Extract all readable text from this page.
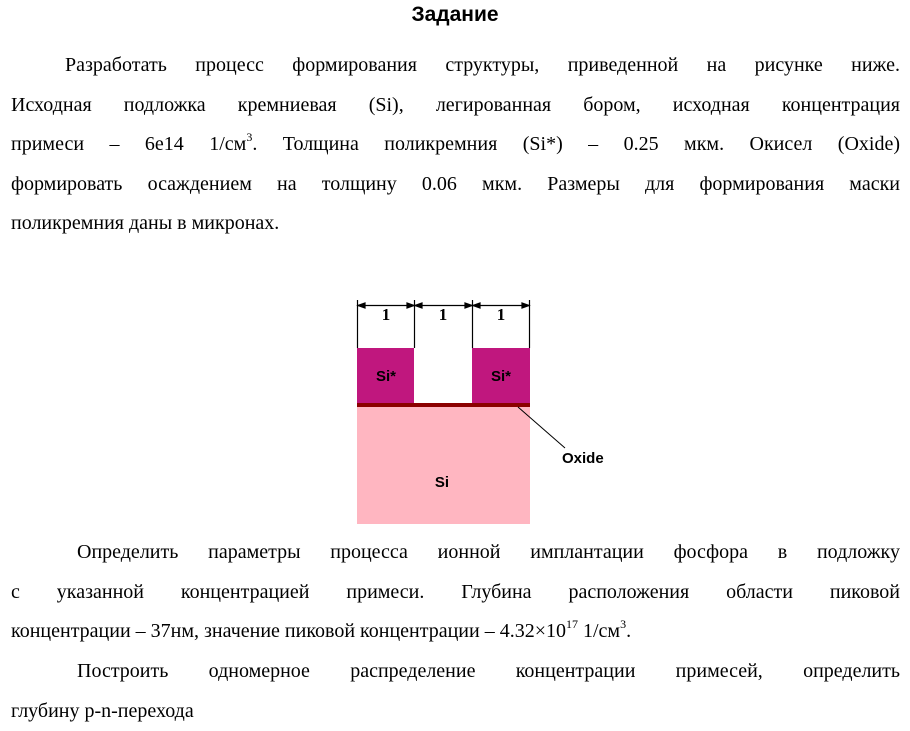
Задание
Разработать процесс формирования структуры, приведенной на рисунке ниже.
Исходная подложка кремниевая (Si), легированная бором, исходная концентрация
примеси – 6e14 $1/см^3$. Толщина поликремния (Si*) – 0.25 мкм. Окисел (Oxide)
формировать осаждением на толщину 0.06 мкм. Размеры для формирования маски
поликремния даны в микронах.
1	1	1
Si*	Si*
Oxide
Si
Определить параметры процесса ионной имплантации фосфора в подложку
с указанной концентрацией примеси. Глубина расположения области пиковой
концентрации – 37нм, значение пиковой концентрации – $4.32\times 10^{17}$ $1/см^3$.
Построить одномерное распределение концентрации примесей, определить
глубину p-n-перехода
